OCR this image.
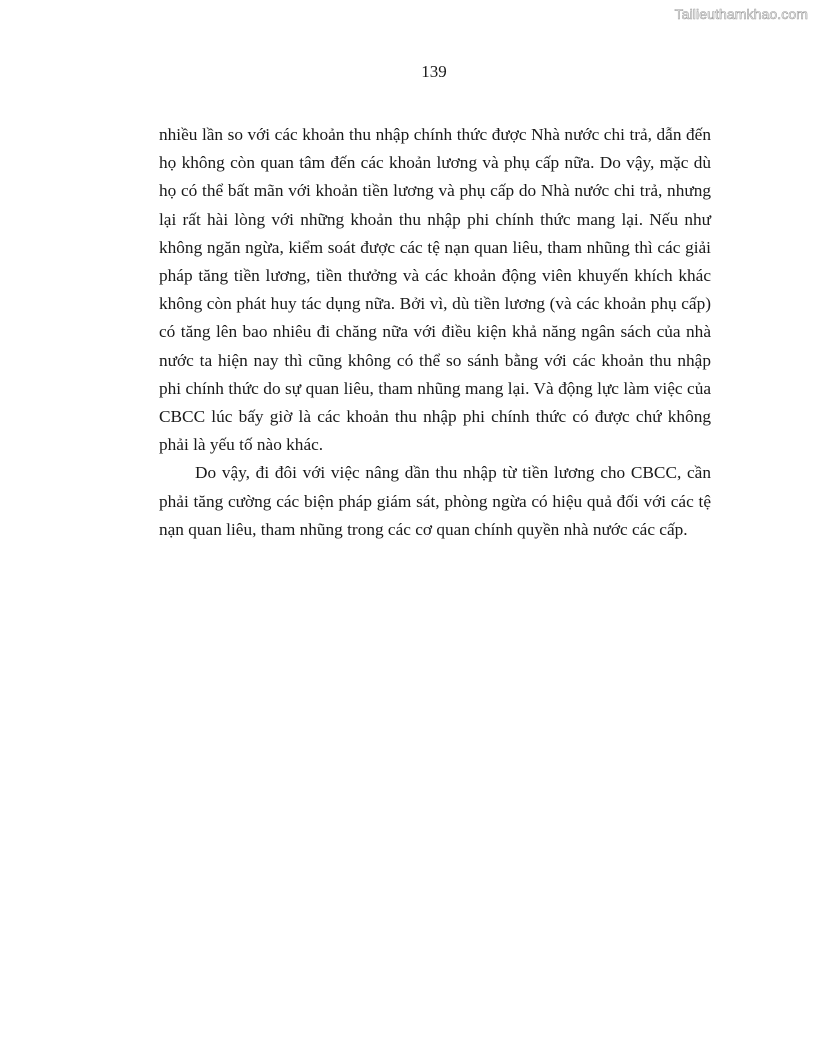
Tailieuthamkhao.com
139

nhiều lần so với các khoản thu nhập chính thức được Nhà nước chi trả, dẫn đến họ không còn quan tâm đến các khoản lương và phụ cấp nữa. Do vậy, mặc dù họ có thể bất mãn với khoản tiền lương và phụ cấp do Nhà nước chi trả, nhưng lại rất hài lòng với những khoản thu nhập phi chính thức mang lại. Nếu như không ngăn ngừa, kiểm soát được các tệ nạn quan liêu, tham nhũng thì các giải pháp tăng tiền lương, tiền thưởng và các khoản động viên khuyến khích khác không còn phát huy tác dụng nữa. Bởi vì, dù tiền lương (và các khoản phụ cấp) có tăng lên bao nhiêu đi chăng nữa với điều kiện khả năng ngân sách của nhà nước ta hiện nay thì cũng không có thể so sánh bằng với các khoản thu nhập phi chính thức do sự quan liêu, tham nhũng mang lại. Và động lực làm việc của CBCC lúc bấy giờ là các khoản thu nhập phi chính thức có được chứ không phải là yếu tố nào khác.

Do vậy, đi đôi với việc nâng dần thu nhập từ tiền lương cho CBCC, cần phải tăng cường các biện pháp giám sát, phòng ngừa có hiệu quả đối với các tệ nạn quan liêu, tham nhũng trong các cơ quan chính quyền nhà nước các cấp.
